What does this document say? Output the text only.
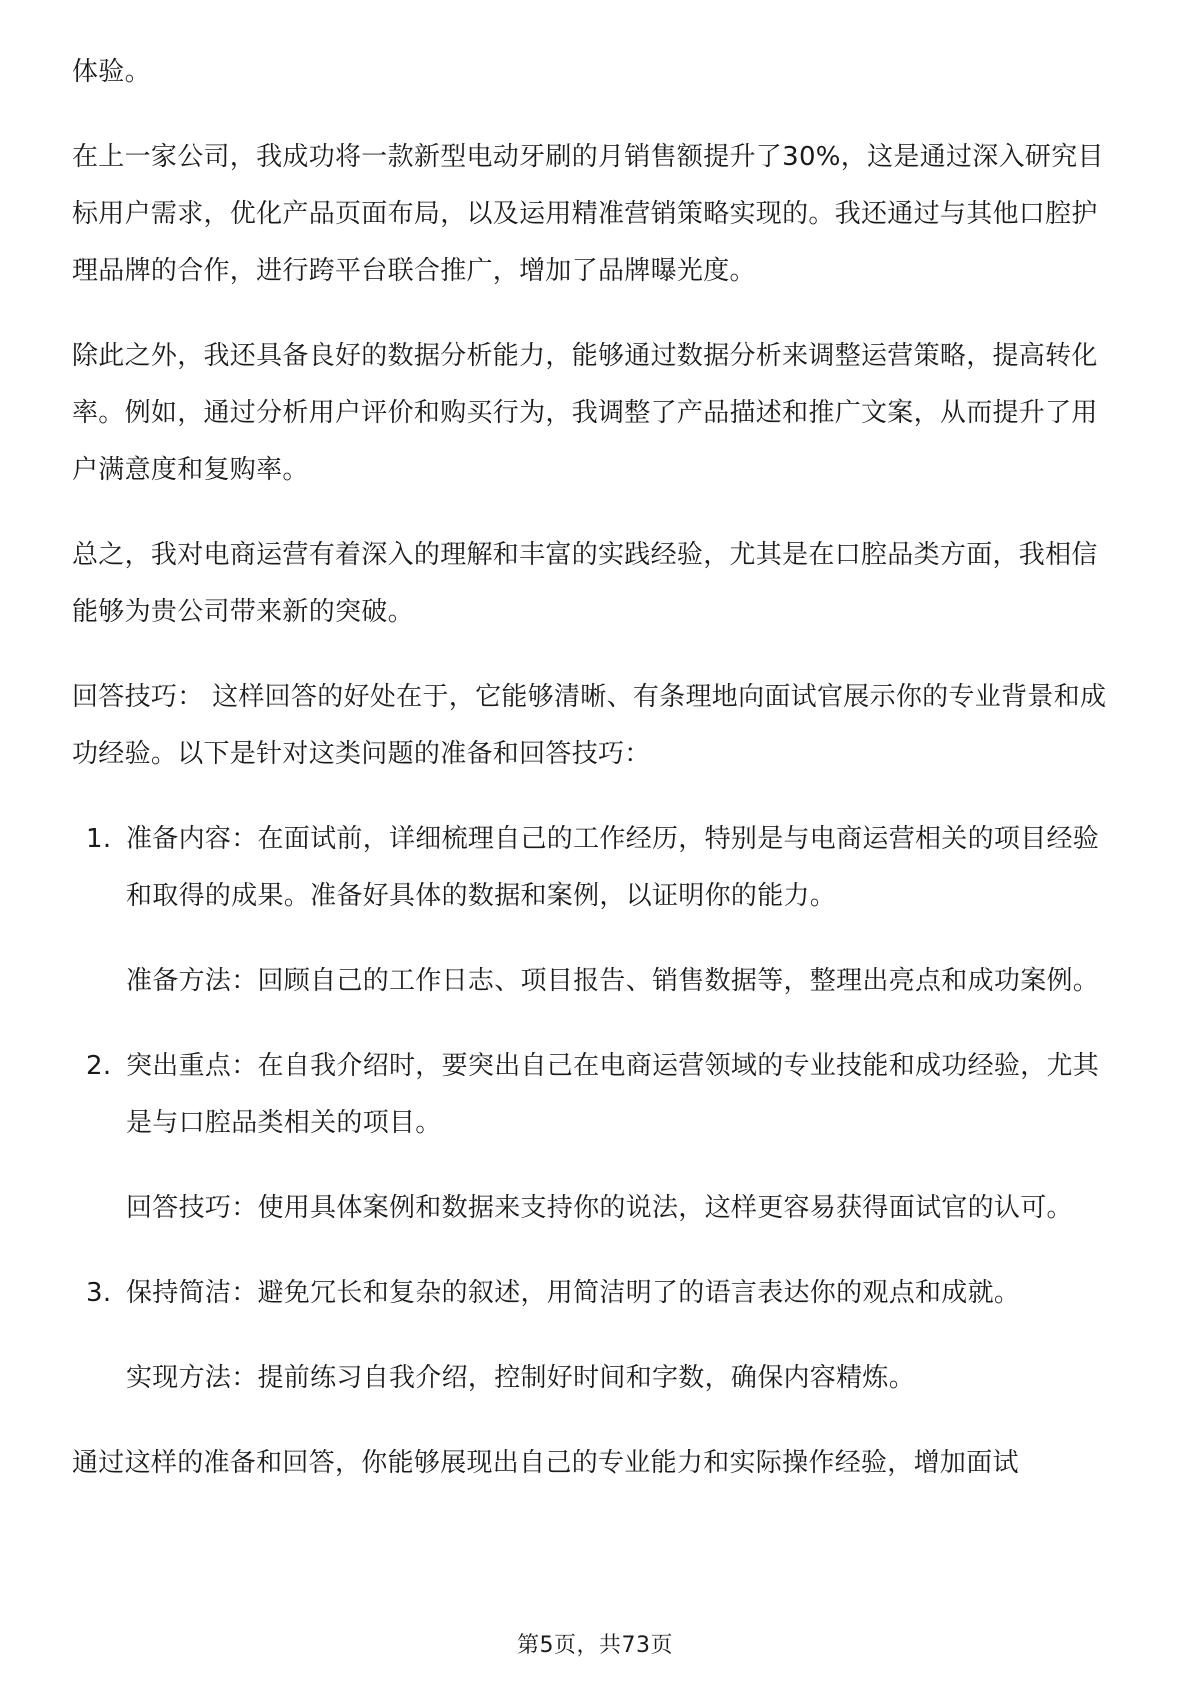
体验。

在上一家公司，我成功将一款新型电动牙刷的月销售额提升了30%，这是通过深入研究目标用户需求，优化产品页面布局，以及运用精准营销策略实现的。我还通过与其他口腔护理品牌的合作，进行跨平台联合推广，增加了品牌曝光度。

除此之外，我还具备良好的数据分析能力，能够通过数据分析来调整运营策略，提高转化率。例如，通过分析用户评价和购买行为，我调整了产品描述和推广文案，从而提升了用户满意度和复购率。

总之，我对电商运营有着深入的理解和丰富的实践经验，尤其是在口腔品类方面，我相信能够为贵公司带来新的突破。

回答技巧： 这样回答的好处在于，它能够清晰、有条理地向面试官展示你的专业背景和成功经验。以下是针对这类问题的准备和回答技巧：

1. 准备内容：在面试前，详细梳理自己的工作经历，特别是与电商运营相关的项目经验和取得的成果。准备好具体的数据和案例，以证明你的能力。

准备方法：回顾自己的工作日志、项目报告、销售数据等，整理出亮点和成功案例。

2. 突出重点：在自我介绍时，要突出自己在电商运营领域的专业技能和成功经验，尤其是与口腔品类相关的项目。

回答技巧：使用具体案例和数据来支持你的说法，这样更容易获得面试官的认可。

3. 保持简洁：避免冗长和复杂的叙述，用简洁明了的语言表达你的观点和成就。

实现方法：提前练习自我介绍，控制好时间和字数，确保内容精炼。

通过这样的准备和回答，你能够展现出自己的专业能力和实际操作经验，增加面试

第5页，共73页
